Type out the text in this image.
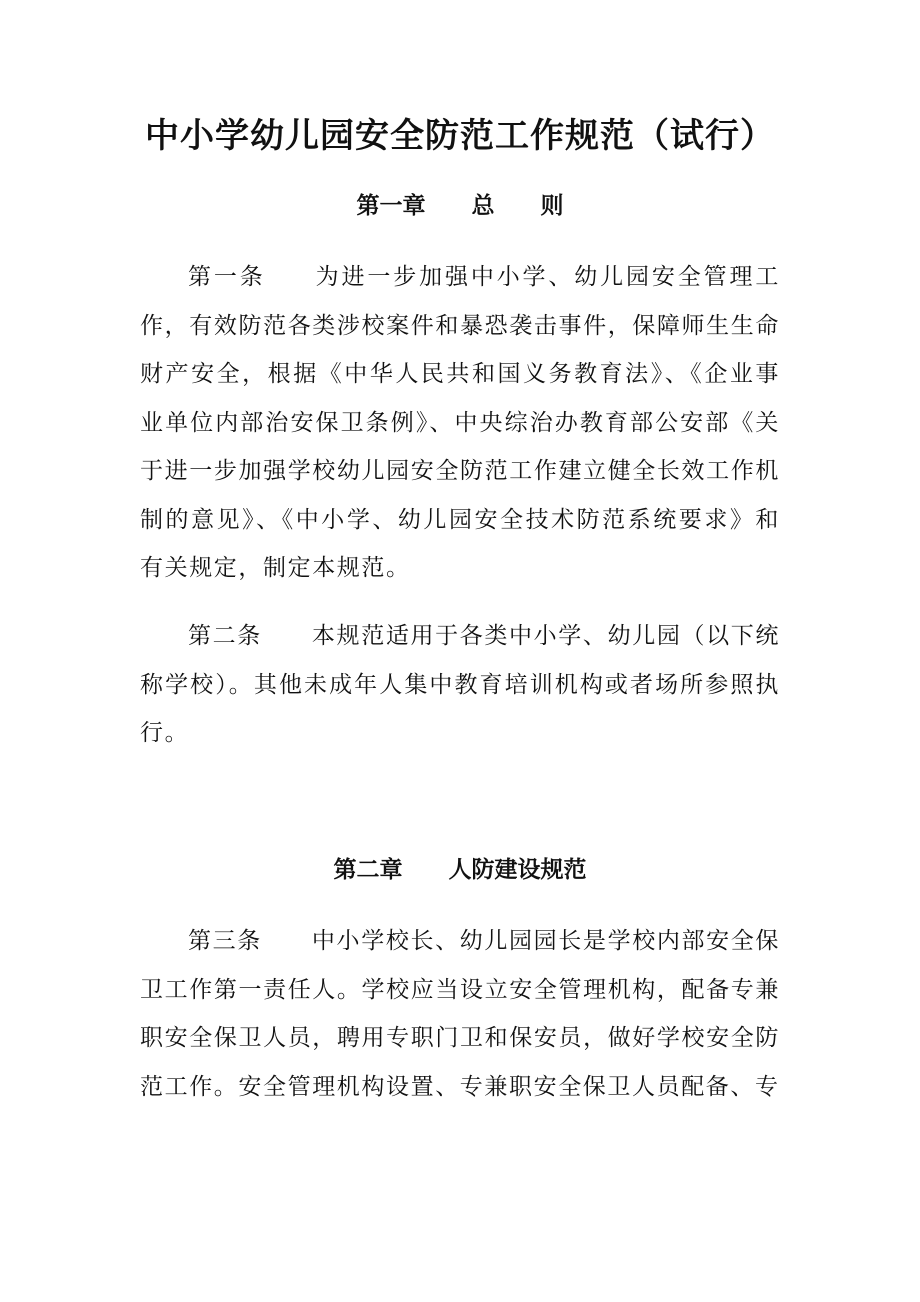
中小学幼儿园安全防范工作规范（试行）
第一章　　总　　则

第一条 为进一步加强中小学、幼儿园安全管理工作，有效防范各类涉校案件和暴恐袭击事件，保障师生生命财产安全，根据《中华人民共和国义务教育法》、《企业事业单位内部治安保卫条例》、中央综治办教育部公安部《关于进一步加强学校幼儿园安全防范工作建立健全长效工作机制的意见》、《中小学、幼儿园安全技术防范系统要求》和有关规定，制定本规范。

第二条 本规范适用于各类中小学、幼儿园（以下统称学校）。其他未成年人集中教育培训机构或者场所参照执行。

第二章　　人防建设规范

第三条 中小学校长、幼儿园园长是学校内部安全保卫工作第一责任人。学校应当设立安全管理机构，配备专兼职安全保卫人员，聘用专职门卫和保安员，做好学校安全防范工作。安全管理机构设置、专兼职安全保卫人员配备、专
